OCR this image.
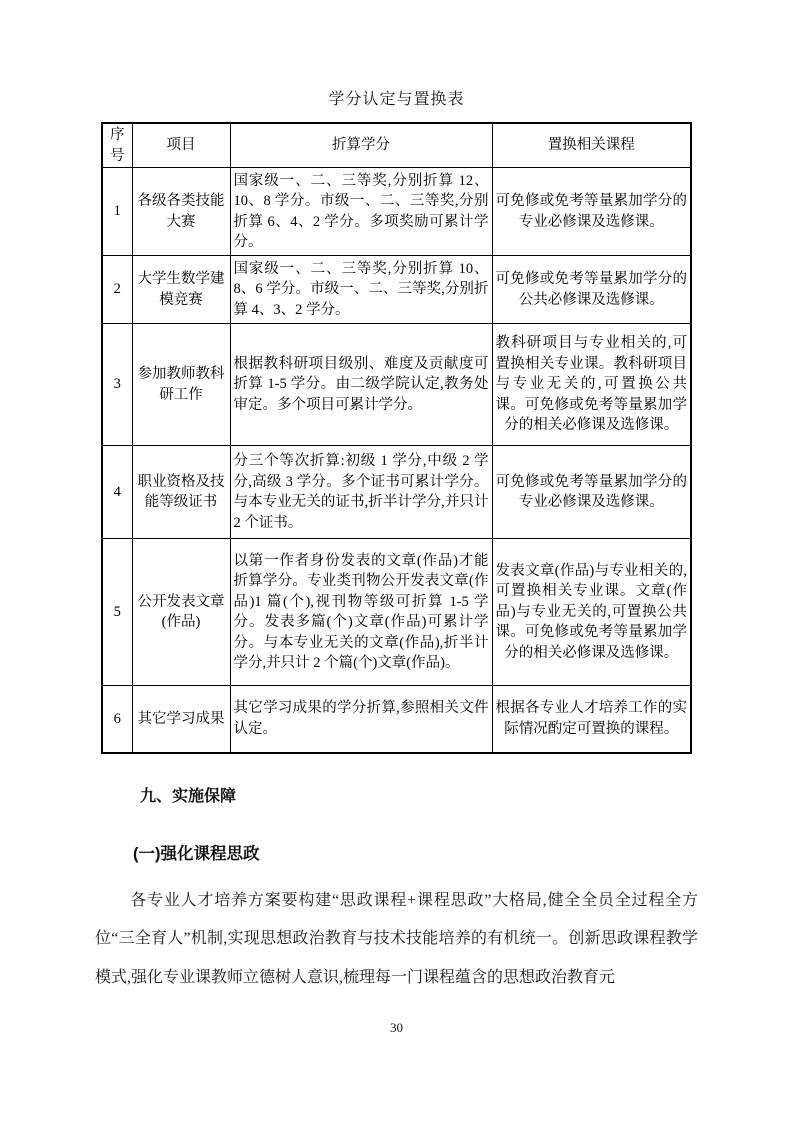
学分认定与置换表
序号	项目	折算学分	置换相关课程
1	各级各类技能大赛	国家级一、二、三等奖,分别折算 12、10、8 学分。市级一、二、三等奖,分别折算 6、4、2 学分。多项奖励可累计学分。	可免修或免考等量累加学分的专业必修课及选修课。
2	大学生数学建模竞赛	国家级一、二、三等奖,分别折算 10、8、6 学分。市级一、二、三等奖,分别折算 4、3、2 学分。	可免修或免考等量累加学分的公共必修课及选修课。
3	参加教师教科研工作	根据教科研项目级别、难度及贡献度可折算 1-5 学分。由二级学院认定,教务处审定。多个项目可累计学分。	教科研项目与专业相关的,可置换相关专业课。教科研项目与专业无关的,可置换公共课。可免修或免考等量累加学分的相关必修课及选修课。
4	职业资格及技能等级证书	分三个等次折算:初级 1 学分,中级 2 学分,高级 3 学分。多个证书可累计学分。与本专业无关的证书,折半计学分,并只计 2 个证书。	可免修或免考等量累加学分的专业必修课及选修课。
5	公开发表文章(作品)	以第一作者身份发表的文章(作品)才能折算学分。专业类刊物公开发表文章(作品)1 篇(个),视刊物等级可折算 1-5 学分。发表多篇(个)文章(作品)可累计学分。与本专业无关的文章(作品),折半计学分,并只计 2 个篇(个)文章(作品)。	发表文章(作品)与专业相关的,可置换相关专业课。文章(作品)与专业无关的,可置换公共课。可免修或免考等量累加学分的相关必修课及选修课。
6	其它学习成果	其它学习成果的学分折算,参照相关文件认定。	根据各专业人才培养工作的实际情况酌定可置换的课程。
九、实施保障
(一)强化课程思政

各专业人才培养方案要构建“思政课程+课程思政”大格局,健全全员全过程全方位“三全育人”机制,实现思想政治教育与技术技能培养的有机统一。创新思政课程教学模式,强化专业课教师立德树人意识,梳理每一门课程蕴含的思想政治教育元

30
